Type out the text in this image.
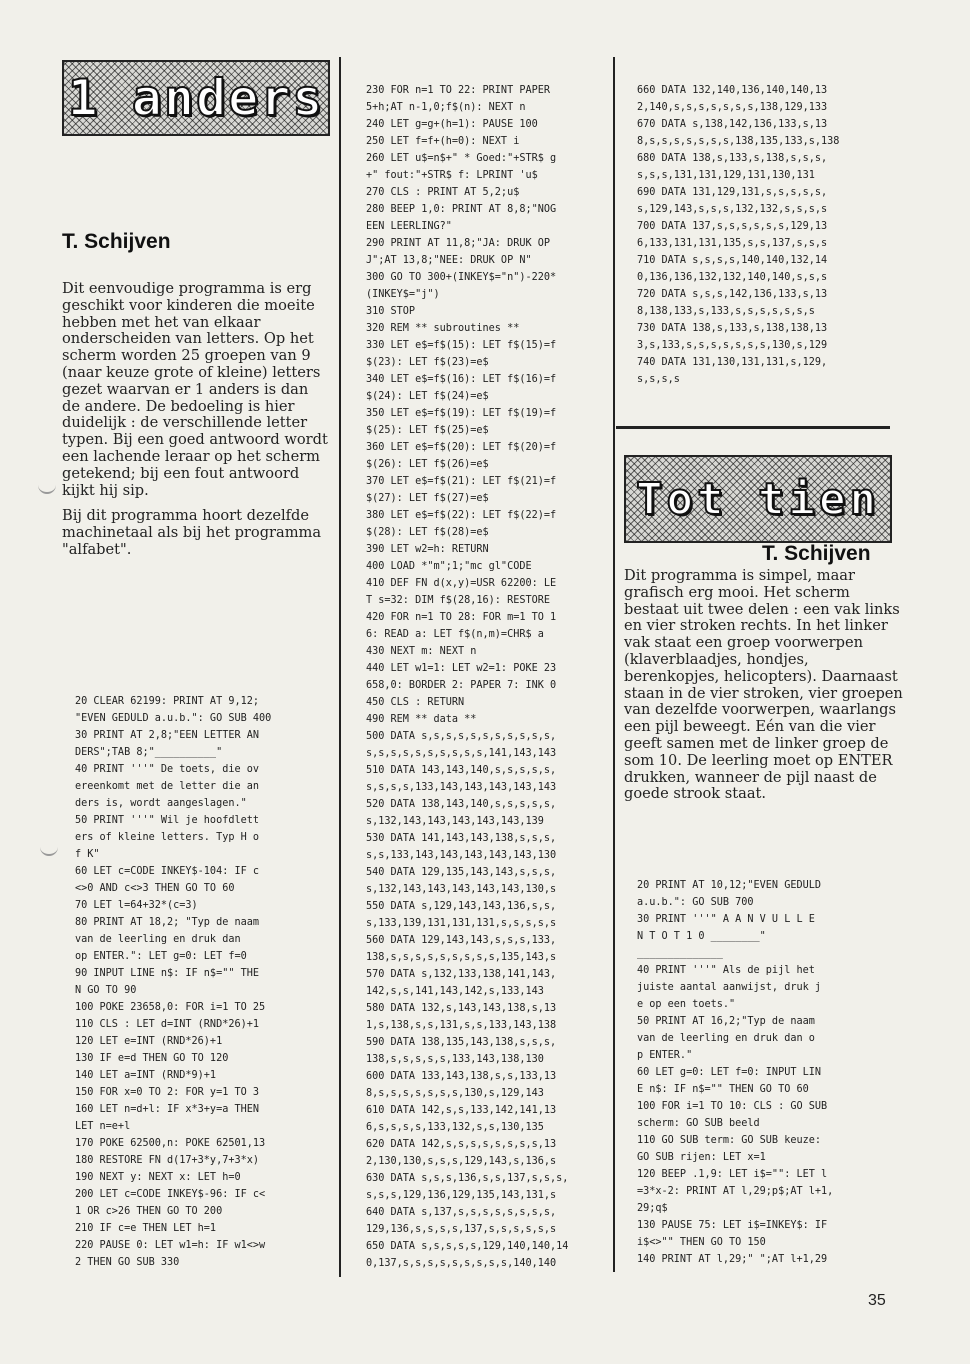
1 anders
T. Schijven

Dit eenvoudige programma is erg geschikt voor kinderen die moeite hebben met het van elkaar onderscheiden van letters. Op het scherm worden 25 groepen van 9 (naar keuze grote of kleine) letters gezet waarvan er 1 anders is dan de andere. De bedoeling is hier duidelijk : de verschillende letter typen. Bij een goed antwoord wordt een lachende leraar op het scherm getekend; bij een fout antwoord kijkt hij sip.

Bij dit programma hoort dezelfde machinetaal als bij het programma "alfabet".

20 CLEAR 62199: PRINT AT 9,12;
"EVEN GEDULD a.u.b.": GO SUB 400
30 PRINT AT 2,8;"EEN LETTER AN
DERS";TAB 8;"__________"
40 PRINT '''" De toets, die ov
ereenkomt met de letter die an
ders is, wordt aangeslagen."
50 PRINT '''" Wil je hoofdlett
ers of kleine letters. Typ H o
f K"
60 LET c=CODE INKEY$-104: IF c
<>0 AND c<>3 THEN GO TO 60
70 LET l=64+32*(c=3)
80 PRINT AT 18,2; "Typ de naam
van de leerling en druk dan
op ENTER.": LET g=0: LET f=0
90 INPUT LINE n$: IF n$="" THE
N GO TO 90
100 POKE 23658,0: FOR i=1 TO 25
110 CLS : LET d=INT (RND*26)+1
120 LET e=INT (RND*26)+1
130 IF e=d THEN GO TO 120
140 LET a=INT (RND*9)+1
150 FOR x=0 TO 2: FOR y=1 TO 3
160 LET n=d+l: IF x*3+y=a THEN
LET n=e+l
170 POKE 62500,n: POKE 62501,13
180 RESTORE FN d(17+3*y,7+3*x)
190 NEXT y: NEXT x: LET h=0
200 LET c=CODE INKEY$-96: IF c<
1 OR c>26 THEN GO TO 200
210 IF c=e THEN LET h=1
220 PAUSE 0: LET w1=h: IF w1<>w
2 THEN GO SUB 330
230 FOR n=1 TO 22: PRINT PAPER
5+h;AT n-1,0;f$(n): NEXT n
240 LET g=g+(h=1): PAUSE 100
250 LET f=f+(h=0): NEXT i
260 LET u$=n$+" * Goed:"+STR$ g
+" fout:"+STR$ f: LPRINT 'u$
270 CLS : PRINT AT 5,2;u$
280 BEEP 1,0: PRINT AT 8,8;"NOG
EEN LEERLING?"
290 PRINT AT 11,8;"JA: DRUK OP
J";AT 13,8;"NEE: DRUK OP N"
300 GO TO 300+(INKEY$="n")-220*
(INKEY$="j")
310 STOP
320 REM ** subroutines **
330 LET e$=f$(15): LET f$(15)=f
$(23): LET f$(23)=e$
340 LET e$=f$(16): LET f$(16)=f
$(24): LET f$(24)=e$
350 LET e$=f$(19): LET f$(19)=f
$(25): LET f$(25)=e$
360 LET e$=f$(20): LET f$(20)=f
$(26): LET f$(26)=e$
370 LET e$=f$(21): LET f$(21)=f
$(27): LET f$(27)=e$
380 LET e$=f$(22): LET f$(22)=f
$(28): LET f$(28)=e$
390 LET w2=h: RETURN
400 LOAD *"m";1;"mc gl"CODE
410 DEF FN d(x,y)=USR 62200: LE
T s=32: DIM f$(28,16): RESTORE
420 FOR n=1 TO 28: FOR m=1 TO 1
6: READ a: LET f$(n,m)=CHR$ a
430 NEXT m: NEXT n
440 LET w1=1: LET w2=1: POKE 23
658,0: BORDER 2: PAPER 7: INK 0
450 CLS : RETURN
490 REM ** data **
500 DATA s,s,s,s,s,s,s,s,s,s,s,
s,s,s,s,s,s,s,s,s,s,141,143,143
510 DATA 143,143,140,s,s,s,s,s,
s,s,s,s,133,143,143,143,143,143
520 DATA 138,143,140,s,s,s,s,s,
s,132,143,143,143,143,143,139
530 DATA 141,143,143,138,s,s,s,
s,s,133,143,143,143,143,143,130
540 DATA 129,135,143,143,s,s,s,
s,132,143,143,143,143,143,130,s
550 DATA s,129,143,143,136,s,s,
s,133,139,131,131,131,s,s,s,s,s
560 DATA 129,143,143,s,s,s,133,
138,s,s,s,s,s,s,s,s,s,135,143,s
570 DATA s,132,133,138,141,143,
142,s,s,141,143,142,s,133,143
580 DATA 132,s,143,143,138,s,13
1,s,138,s,s,131,s,s,133,143,138
590 DATA 138,135,143,138,s,s,s,
138,s,s,s,s,s,133,143,138,130
600 DATA 133,143,138,s,s,133,13
8,s,s,s,s,s,s,s,130,s,129,143
610 DATA 142,s,s,133,142,141,13
6,s,s,s,s,133,132,s,s,130,135
620 DATA 142,s,s,s,s,s,s,s,s,13
2,130,130,s,s,s,129,143,s,136,s
630 DATA s,s,s,136,s,s,137,s,s,s,
s,s,s,129,136,129,135,143,131,s
640 DATA s,137,s,s,s,s,s,s,s,s,
129,136,s,s,s,s,137,s,s,s,s,s,s
650 DATA s,s,s,s,s,129,140,140,14
0,137,s,s,s,s,s,s,s,s,s,140,140
660 DATA 132,140,136,140,140,13
2,140,s,s,s,s,s,s,s,138,129,133
670 DATA s,138,142,136,133,s,13
8,s,s,s,s,s,s,s,138,135,133,s,138
680 DATA 138,s,133,s,138,s,s,s,
s,s,s,131,131,129,131,130,131
690 DATA 131,129,131,s,s,s,s,s,
s,129,143,s,s,s,132,132,s,s,s,s
700 DATA 137,s,s,s,s,s,s,129,13
6,133,131,131,135,s,s,137,s,s,s
710 DATA s,s,s,s,140,140,132,14
0,136,136,132,132,140,140,s,s,s
720 DATA s,s,s,142,136,133,s,13
8,138,133,s,133,s,s,s,s,s,s,s
730 DATA 138,s,133,s,138,138,13
3,s,133,s,s,s,s,s,s,s,130,s,129
740 DATA 131,130,131,131,s,129,
s,s,s,s
Tot tien
T. Schijven

Dit programma is simpel, maar grafisch erg mooi. Het scherm bestaat uit twee delen : een vak links en vier stroken rechts. In het linker vak staat een groep voorwerpen (klaverblaadjes, hondjes, berenkopjes, helicopters). Daarnaast staan in de vier stroken, vier groepen van dezelfde voorwerpen, waarlangs een pijl beweegt. Eén van die vier geeft samen met de linker groep de som 10. De leerling moet op ENTER drukken, wanneer de pijl naast de goede strook staat.

20 PRINT AT 10,12;"EVEN GEDULD
a.u.b.": GO SUB 700
30 PRINT '''" A A N V U L L E
N T O T 1 0 ________"
______________
40 PRINT '''" Als de pijl het
juiste aantal aanwijst, druk j
e op een toets."
50 PRINT AT 16,2;"Typ de naam
van de leerling en druk dan o
p ENTER."
60 LET g=0: LET f=0: INPUT LIN
E n$: IF n$="" THEN GO TO 60
100 FOR i=1 TO 10: CLS : GO SUB
scherm: GO SUB beeld
110 GO SUB term: GO SUB keuze:
GO SUB rijen: LET x=1
120 BEEP .1,9: LET i$="": LET l
=3*x-2: PRINT AT l,29;p$;AT l+1,
29;q$
130 PAUSE 75: LET i$=INKEY$: IF
i$<>"" THEN GO TO 150
140 PRINT AT l,29;" ";AT l+1,29
35
